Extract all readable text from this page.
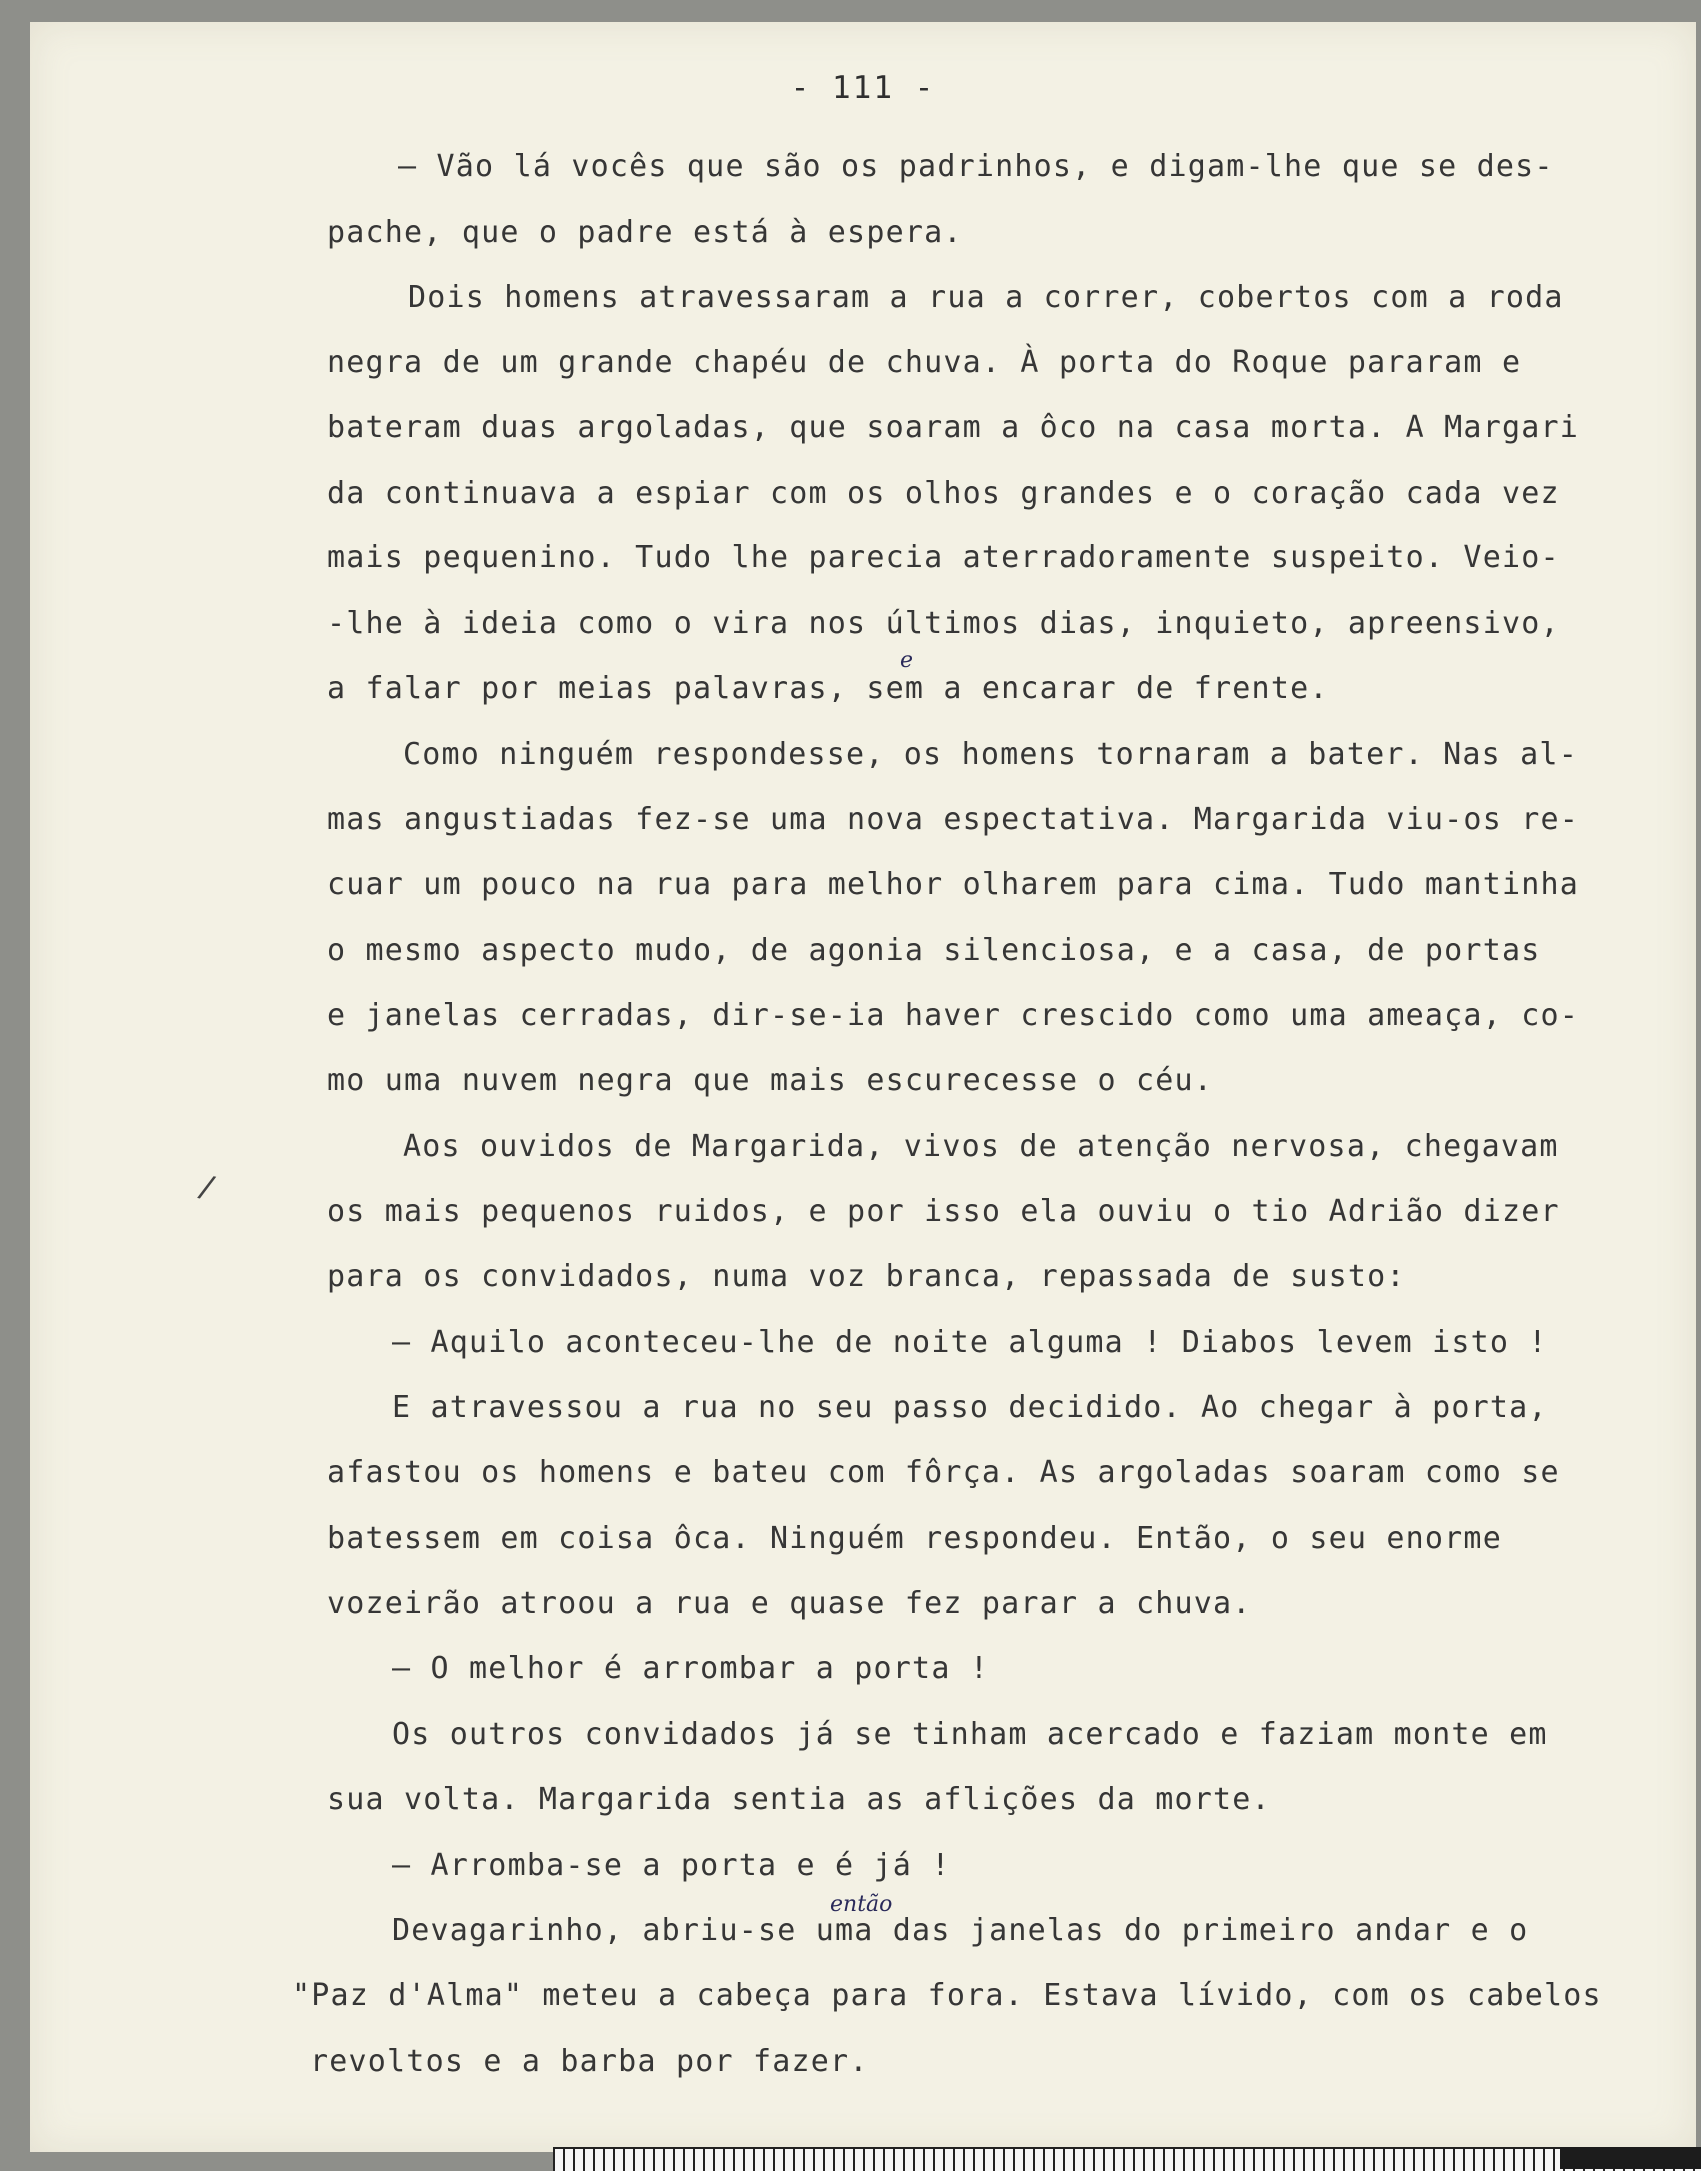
- 111 -
— Vão lá vocês que são os padrinhos, e digam-lhe que se des-
pache, que o padre está à espera.
Dois homens atravessaram a rua a correr, cobertos com a roda
negra de um grande chapéu de chuva. À porta do Roque pararam e
bateram duas argoladas, que soaram a ôco na casa morta. A Margari
da continuava a espiar com os olhos grandes e o coração cada vez
mais pequenino. Tudo lhe parecia aterradoramente suspeito. Veio-
-lhe à ideia como o vira nos últimos dias, inquieto, apreensivo,
a falar por meias palavras, sem a encarar de frente.
Como ninguém respondesse, os homens tornaram a bater. Nas al-
mas angustiadas fez-se uma nova espectativa. Margarida viu-os re-
cuar um pouco na rua para melhor olharem para cima. Tudo mantinha
o mesmo aspecto mudo, de agonia silenciosa, e a casa, de portas
e janelas cerradas, dir-se-ia haver crescido como uma ameaça, co-
mo uma nuvem negra que mais escurecesse o céu.
Aos ouvidos de Margarida, vivos de atenção nervosa, chegavam
os mais pequenos ruidos, e por isso ela ouviu o tio Adrião dizer
para os convidados, numa voz branca, repassada de susto:
— Aquilo aconteceu-lhe de noite alguma ! Diabos levem isto !
E atravessou a rua no seu passo decidido. Ao chegar à porta,
afastou os homens e bateu com fôrça. As argoladas soaram como se
batessem em coisa ôca. Ninguém respondeu. Então, o seu enorme
vozeirão atroou a rua e quase fez parar a chuva.
— O melhor é arrombar a porta !
Os outros convidados já se tinham acercado e faziam monte em
sua volta. Margarida sentia as aflições da morte.
— Arromba-se a porta e é já !
Devagarinho, abriu-se uma das janelas do primeiro andar e o
"Paz d'Alma" meteu a cabeça para fora. Estava lívido, com os cabelos
revoltos e a barba por fazer.
e
então
/
